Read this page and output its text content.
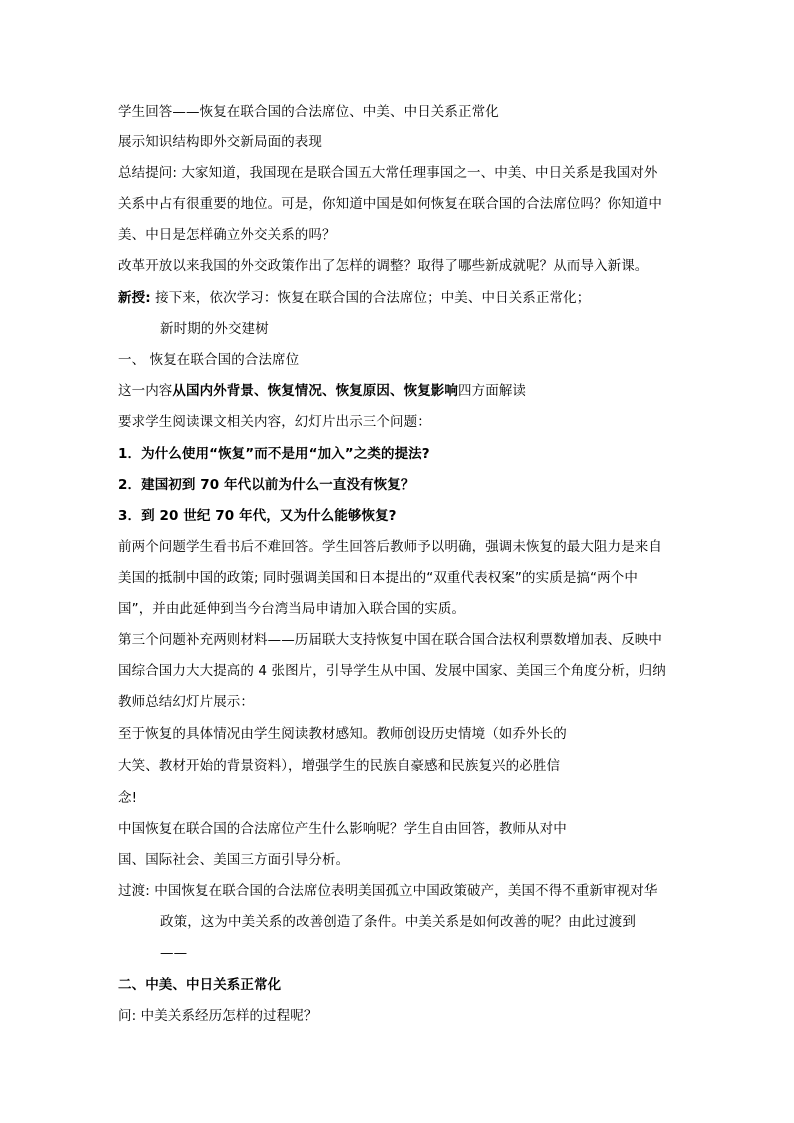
学生回答——恢复在联合国的合法席位、中美、中日关系正常化
展示知识结构即外交新局面的表现
总结提问: 大家知道，我国现在是联合国五大常任理事国之一、中美、中日关系是我国对外
关系中占有很重要的地位。可是，你知道中国是如何恢复在联合国的合法席位吗？你知道中
美、中日是怎样确立外交关系的吗？
改革开放以来我国的外交政策作出了怎样的调整？取得了哪些新成就呢？从而导入新课。
新授: 接下来，依次学习：恢复在联合国的合法席位；中美、中日关系正常化；
新时期的外交建树
一、 恢复在联合国的合法席位
这一内容从国内外背景、恢复情况、恢复原因、恢复影响四方面解读
要求学生阅读课文相关内容，幻灯片出示三个问题：
1．为什么使用“恢复”而不是用“加入”之类的提法?
2．建国初到 70 年代以前为什么一直没有恢复？
3．到 20 世纪 70 年代，又为什么能够恢复?
前两个问题学生看书后不难回答。学生回答后教师予以明确，强调未恢复的最大阻力是来自
美国的抵制中国的政策; 同时强调美国和日本提出的“双重代表权案”的实质是搞“两个中
国”，并由此延伸到当今台湾当局申请加入联合国的实质。
第三个问题补充两则材料——历届联大支持恢复中国在联合国合法权利票数增加表、反映中
国综合国力大大提高的 4 张图片，引导学生从中国、发展中国家、美国三个角度分析，归纳
教师总结幻灯片展示：
至于恢复的具体情况由学生阅读教材感知。教师创设历史情境（如乔外长的
大笑、教材开始的背景资料），增强学生的民族自豪感和民族复兴的必胜信
念!
中国恢复在联合国的合法席位产生什么影响呢？学生自由回答，教师从对中
国、国际社会、美国三方面引导分析。
过渡: 中国恢复在联合国的合法席位表明美国孤立中国政策破产，美国不得不重新审视对华
政策，这为中美关系的改善创造了条件。中美关系是如何改善的呢？由此过渡到
——
二、中美、中日关系正常化
问: 中美关系经历怎样的过程呢？
